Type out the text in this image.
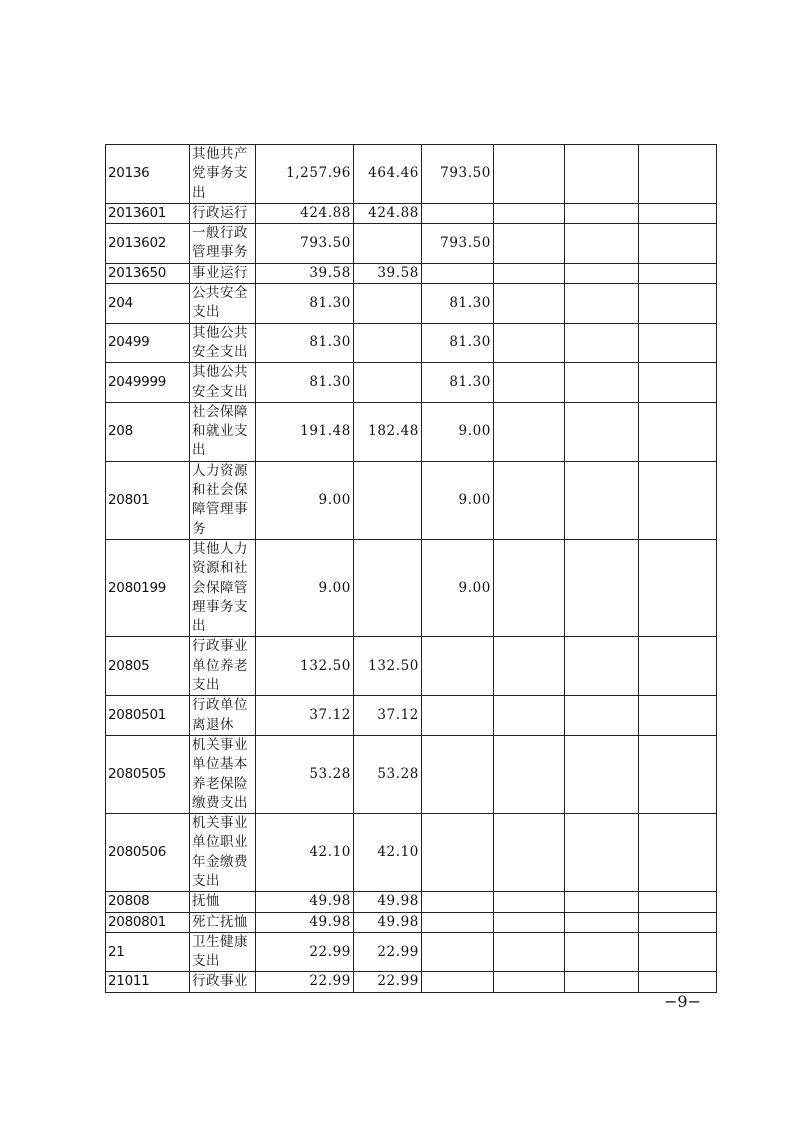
20136	其他共产党事务支出	1,257.96	464.46	793.50			
2013601	行政运行	424.88	424.88				
2013602	一般行政管理事务	793.50		793.50			
2013650	事业运行	39.58	39.58				
204	公共安全支出	81.30		81.30			
20499	其他公共安全支出	81.30		81.30			
2049999	其他公共安全支出	81.30		81.30			
208	社会保障和就业支出	191.48	182.48	9.00			
20801	人力资源和社会保障管理事务	9.00		9.00			
2080199	其他人力资源和社会保障管理事务支出	9.00		9.00			
20805	行政事业单位养老支出	132.50	132.50				
2080501	行政单位离退休	37.12	37.12				
2080505	机关事业单位基本养老保险缴费支出	53.28	53.28				
2080506	机关事业单位职业年金缴费支出	42.10	42.10				
20808	抚恤	49.98	49.98				
2080801	死亡抚恤	49.98	49.98				
21	卫生健康支出	22.99	22.99				
21011	行政事业	22.99	22.99				
−9−
